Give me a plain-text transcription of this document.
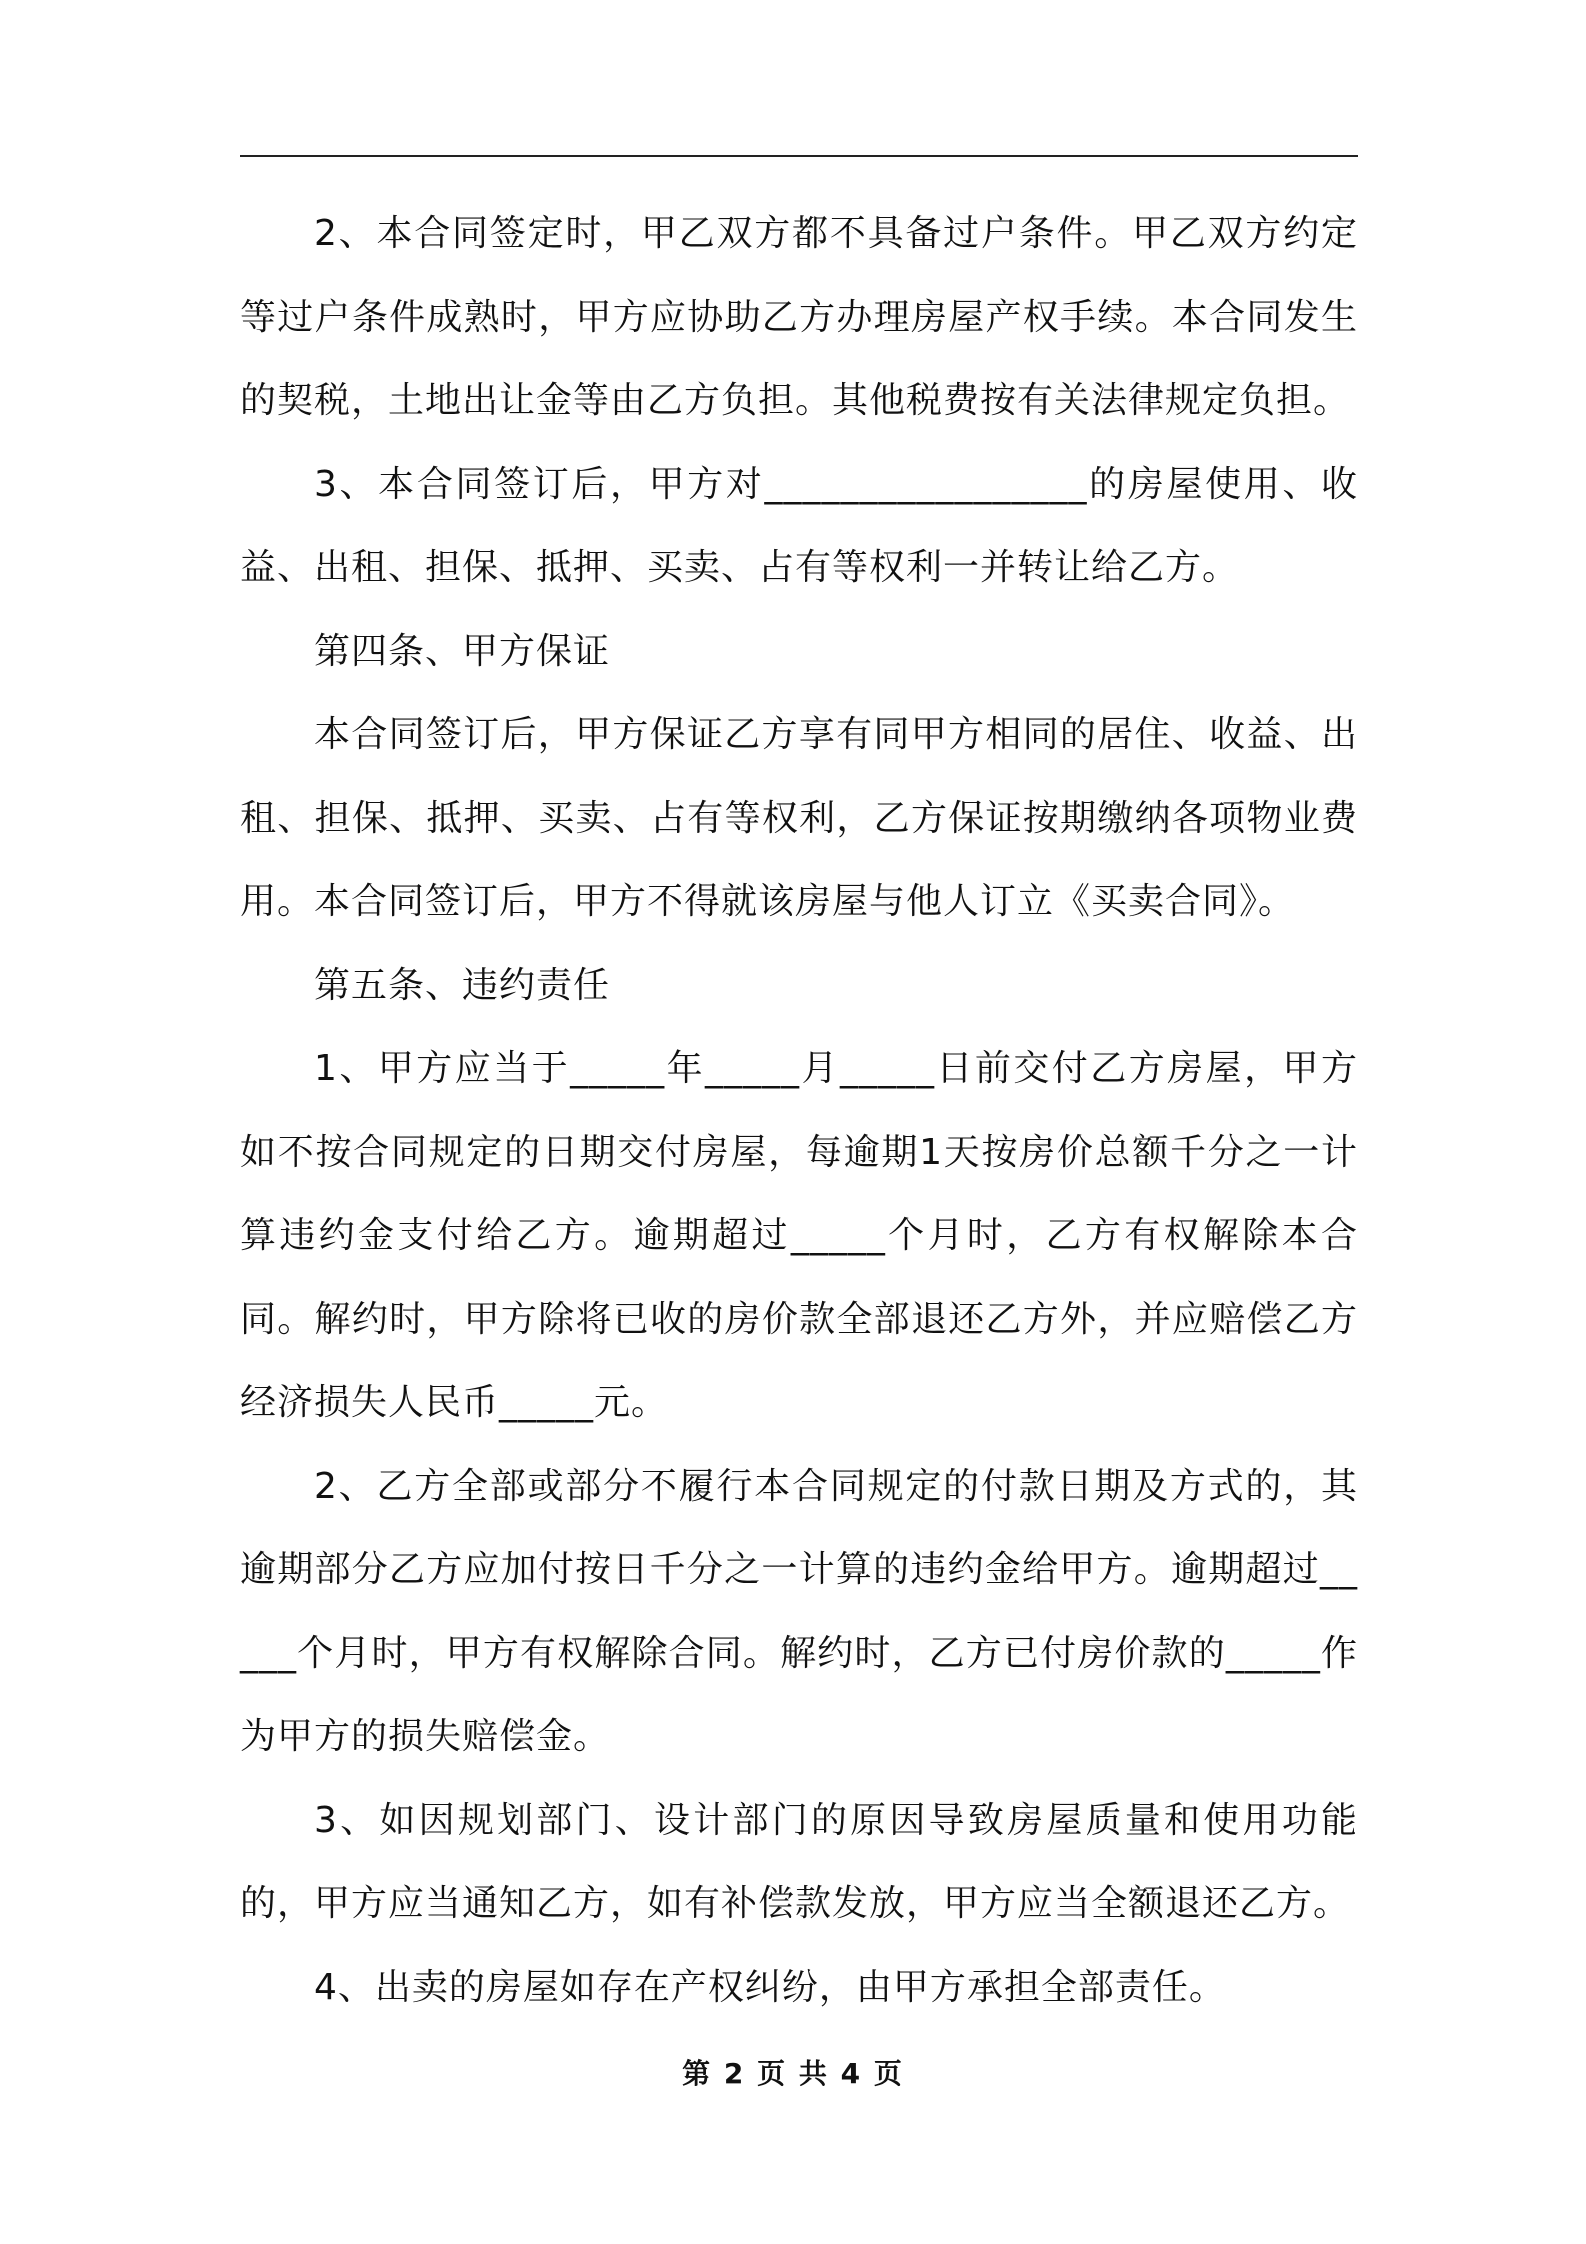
2、本合同签定时，甲乙双方都不具备过户条件。甲乙双方约定等过户条件成熟时，甲方应协助乙方办理房屋产权手续。本合同发生的契税，土地出让金等由乙方负担。其他税费按有关法律规定负担。

3、本合同签订后，甲方对_________________的房屋使用、收益、出租、担保、抵押、买卖、占有等权利一并转让给乙方。

第四条、甲方保证

本合同签订后，甲方保证乙方享有同甲方相同的居住、收益、出租、担保、抵押、买卖、占有等权利，乙方保证按期缴纳各项物业费用。本合同签订后，甲方不得就该房屋与他人订立《买卖合同》。

第五条、违约责任

1、甲方应当于_____年_____月_____日前交付乙方房屋，甲方如不按合同规定的日期交付房屋，每逾期1天按房价总额千分之一计算违约金支付给乙方。逾期超过_____个月时，乙方有权解除本合同。解约时，甲方除将已收的房价款全部退还乙方外，并应赔偿乙方经济损失人民币_____元。

2、乙方全部或部分不履行本合同规定的付款日期及方式的，其逾期部分乙方应加付按日千分之一计算的违约金给甲方。逾期超过_____个月时，甲方有权解除合同。解约时，乙方已付房价款的_____作为甲方的损失赔偿金。

3、如因规划部门、设计部门的原因导致房屋质量和使用功能的，甲方应当通知乙方，如有补偿款发放，甲方应当全额退还乙方。

4、出卖的房屋如存在产权纠纷，由甲方承担全部责任。

第 2 页 共 4 页
